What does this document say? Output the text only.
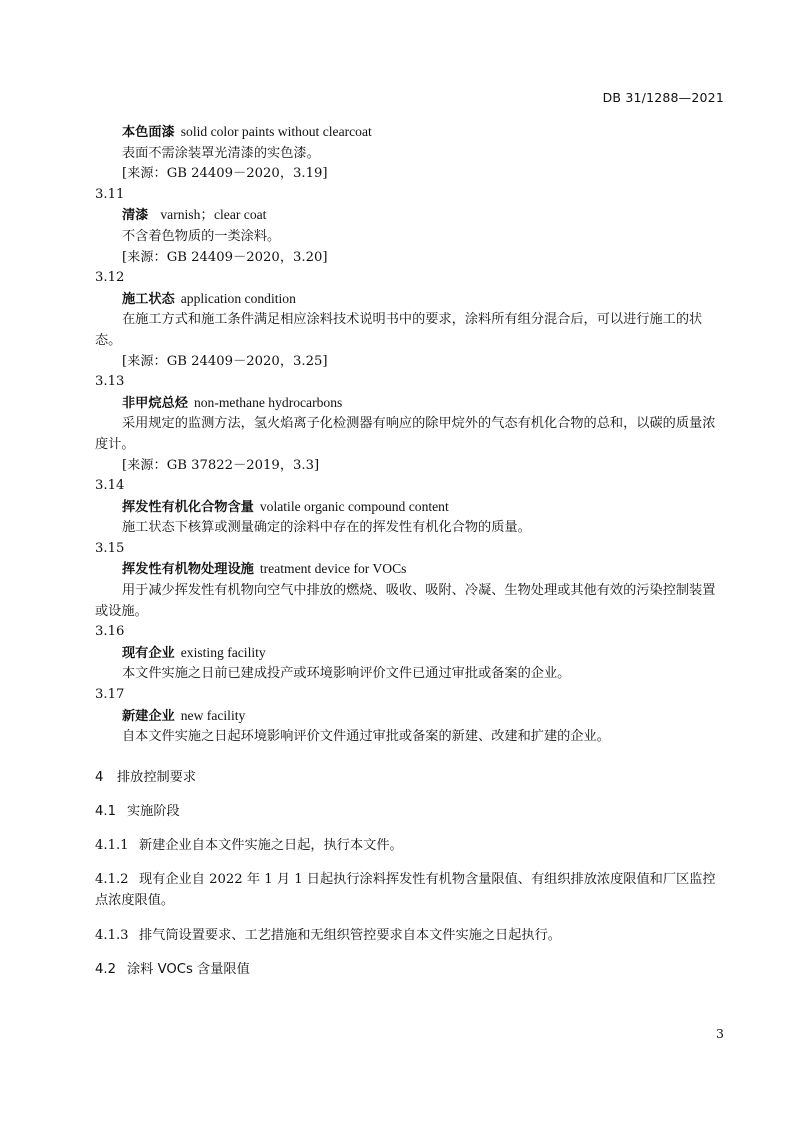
DB 31/1288—2021
本色面漆 solid color paints without clearcoat
表面不需涂装罩光清漆的实色漆。
[来源：GB 24409－2020，3.19]
3.11
清漆 varnish；clear coat
不含着色物质的一类涂料。
[来源：GB 24409－2020，3.20]
3.12
施工状态 application condition
在施工方式和施工条件满足相应涂料技术说明书中的要求，涂料所有组分混合后，可以进行施工的状态。
[来源：GB 24409－2020，3.25]
3.13
非甲烷总烃 non-methane hydrocarbons
采用规定的监测方法，氢火焰离子化检测器有响应的除甲烷外的气态有机化合物的总和，以碳的质量浓度计。
[来源：GB 37822－2019，3.3]
3.14
挥发性有机化合物含量 volatile organic compound content
施工状态下核算或测量确定的涂料中存在的挥发性有机化合物的质量。
3.15
挥发性有机物处理设施 treatment device for VOCs
用于减少挥发性有机物向空气中排放的燃烧、吸收、吸附、冷凝、生物处理或其他有效的污染控制装置或设施。
3.16
现有企业 existing facility
本文件实施之日前已建成投产或环境影响评价文件已通过审批或备案的企业。
3.17
新建企业 new facility
自本文件实施之日起环境影响评价文件通过审批或备案的新建、改建和扩建的企业。
4 排放控制要求
4.1 实施阶段
4.1.1 新建企业自本文件实施之日起，执行本文件。
4.1.2 现有企业自 2022 年 1 月 1 日起执行涂料挥发性有机物含量限值、有组织排放浓度限值和厂区监控点浓度限值。
4.1.3 排气筒设置要求、工艺措施和无组织管控要求自本文件实施之日起执行。
4.2 涂料 VOCs 含量限值
3
